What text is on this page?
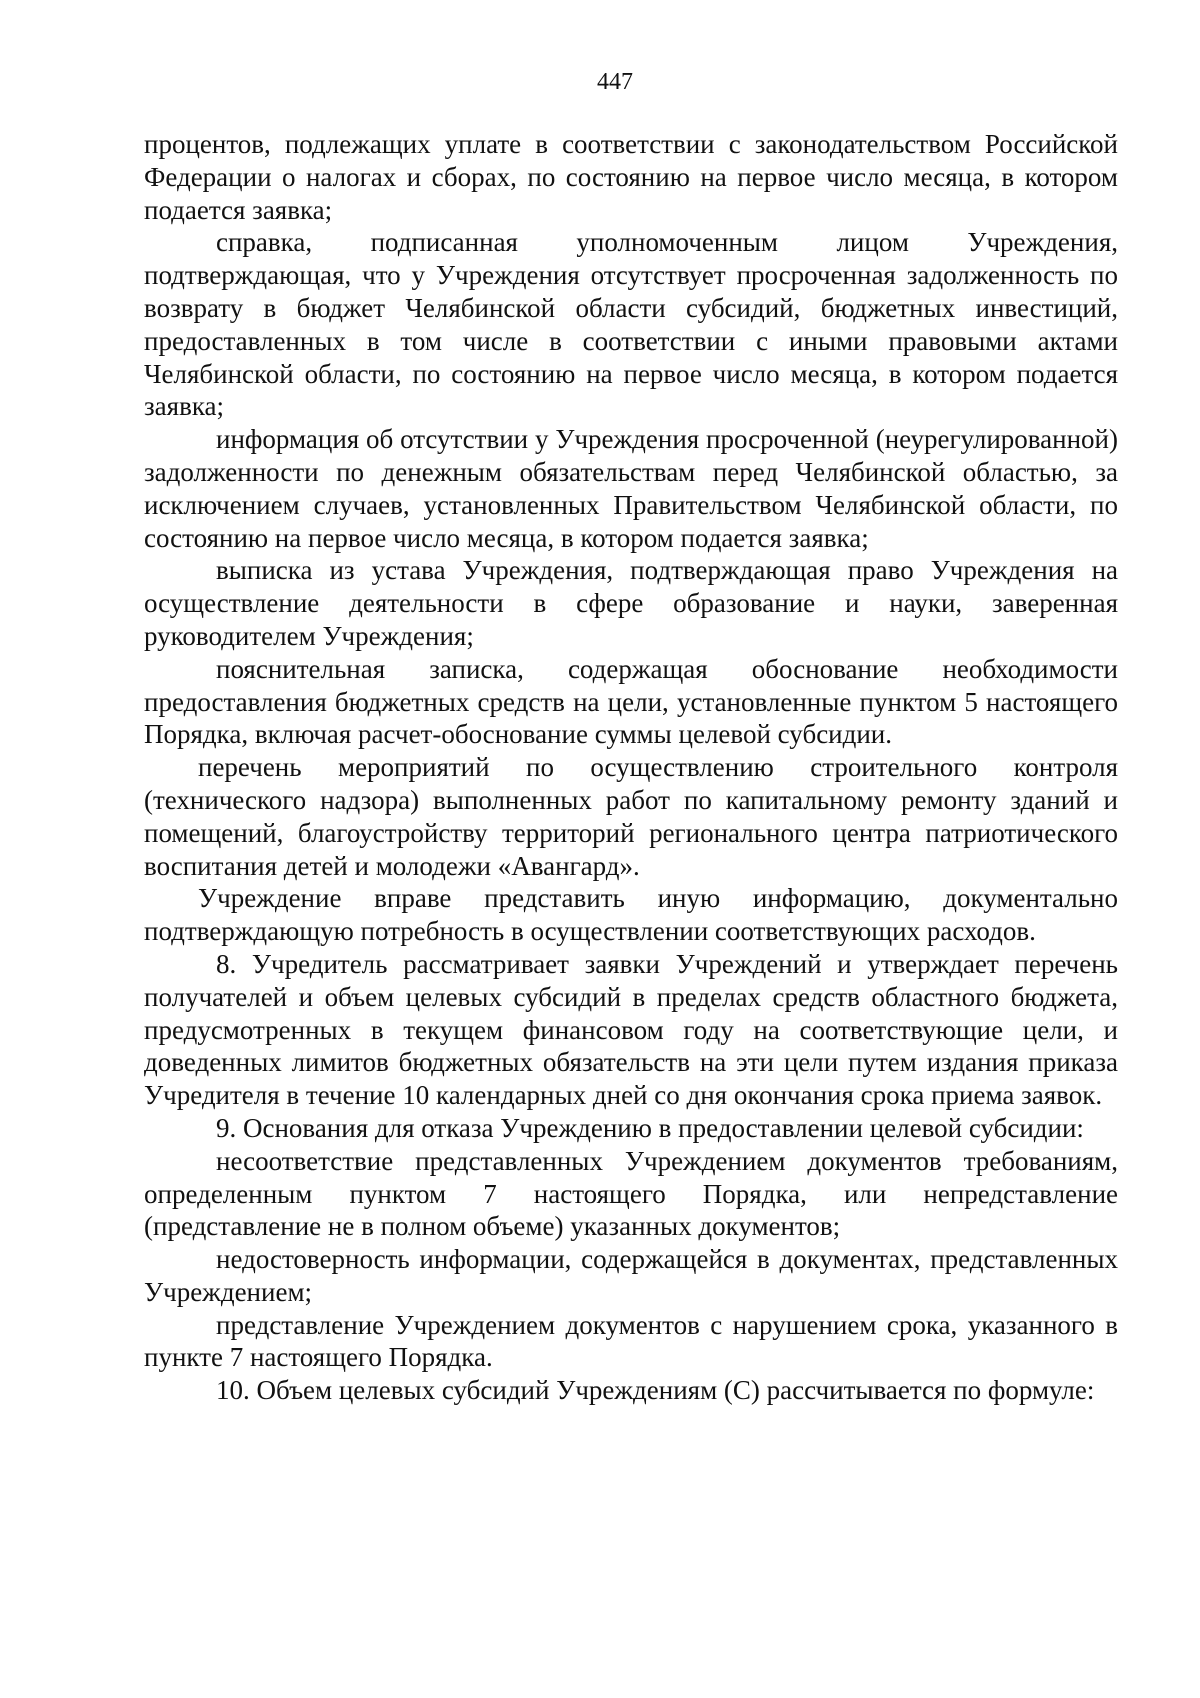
447

процентов, подлежащих уплате в соответствии с законодательством Российской Федерации о налогах и сборах, по состоянию на первое число месяца, в котором подается заявка;

справка, подписанная уполномоченным лицом Учреждения, подтверждающая, что у Учреждения отсутствует просроченная задолженность по возврату в бюджет Челябинской области субсидий, бюджетных инвестиций, предоставленных в том числе в соответствии с иными правовыми актами Челябинской области, по состоянию на первое число месяца, в котором подается заявка;

информация об отсутствии у Учреждения просроченной (неурегулированной) задолженности по денежным обязательствам перед Челябинской областью, за исключением случаев, установленных Правительством Челябинской области, по состоянию на первое число месяца, в котором подается заявка;

выписка из устава Учреждения, подтверждающая право Учреждения на осуществление деятельности в сфере образование и науки, заверенная руководителем Учреждения;

пояснительная записка, содержащая обоснование необходимости предоставления бюджетных средств на цели, установленные пунктом 5 настоящего Порядка, включая расчет-обоснование суммы целевой субсидии.

перечень мероприятий по осуществлению строительного контроля (технического надзора) выполненных работ по капитальному ремонту зданий и помещений, благоустройству территорий регионального центра патриотического воспитания детей и молодежи «Авангард».

Учреждение вправе представить иную информацию, документально подтверждающую потребность в осуществлении соответствующих расходов.

8. Учредитель рассматривает заявки Учреждений и утверждает перечень получателей и объем целевых субсидий в пределах средств областного бюджета, предусмотренных в текущем финансовом году на соответствующие цели, и доведенных лимитов бюджетных обязательств на эти цели путем издания приказа Учредителя в течение 10 календарных дней со дня окончания срока приема заявок.

9. Основания для отказа Учреждению в предоставлении целевой субсидии:

несоответствие представленных Учреждением документов требованиям, определенным пунктом 7 настоящего Порядка, или непредставление (представление не в полном объеме) указанных документов;

недостоверность информации, содержащейся в документах, представленных Учреждением;

представление Учреждением документов с нарушением срока, указанного в пункте 7 настоящего Порядка.

10. Объем целевых субсидий Учреждениям (С) рассчитывается по формуле:
